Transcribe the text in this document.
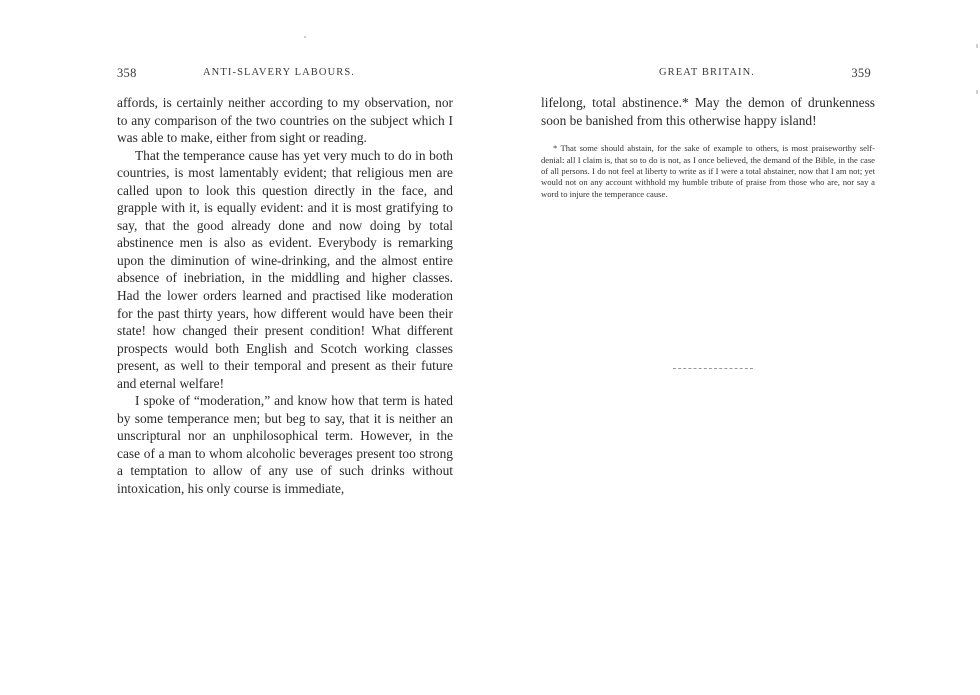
358	ANTI-SLAVERY LABOURS.

affords, is certainly neither according to my observation, nor to any comparison of the two countries on the subject which I was able to make, either from sight or reading.

That the temperance cause has yet very much to do in both countries, is most lamentably evident; that religious men are called upon to look this question directly in the face, and grapple with it, is equally evident: and it is most gratifying to say, that the good already done and now doing by total abstinence men is also as evident. Everybody is remarking upon the diminution of wine-drinking, and the almost entire absence of inebriation, in the middling and higher classes. Had the lower orders learned and practised like moderation for the past thirty years, how different would have been their state! how changed their present condition! What different prospects would both English and Scotch working classes present, as well to their temporal and present as their future and eternal welfare!

I spoke of “moderation,” and know how that term is hated by some temperance men; but beg to say, that it is neither an unscriptural nor an unphilosophical term. However, in the case of a man to whom alcoholic beverages present too strong a temptation to allow of any use of such drinks without intoxication, his only course is immediate,

GREAT BRITAIN.	359

lifelong, total abstinence.* May the demon of drunkenness soon be banished from this otherwise happy island!

* That some should abstain, for the sake of example to others, is most praiseworthy self-denial: all I claim is, that so to do is not, as I once believed, the demand of the Bible, in the case of all persons. I do not feel at liberty to write as if I were a total abstainer, now that I am not; yet would not on any account withhold my humble tribute of praise from those who are, nor say a word to injure the temperance cause.
